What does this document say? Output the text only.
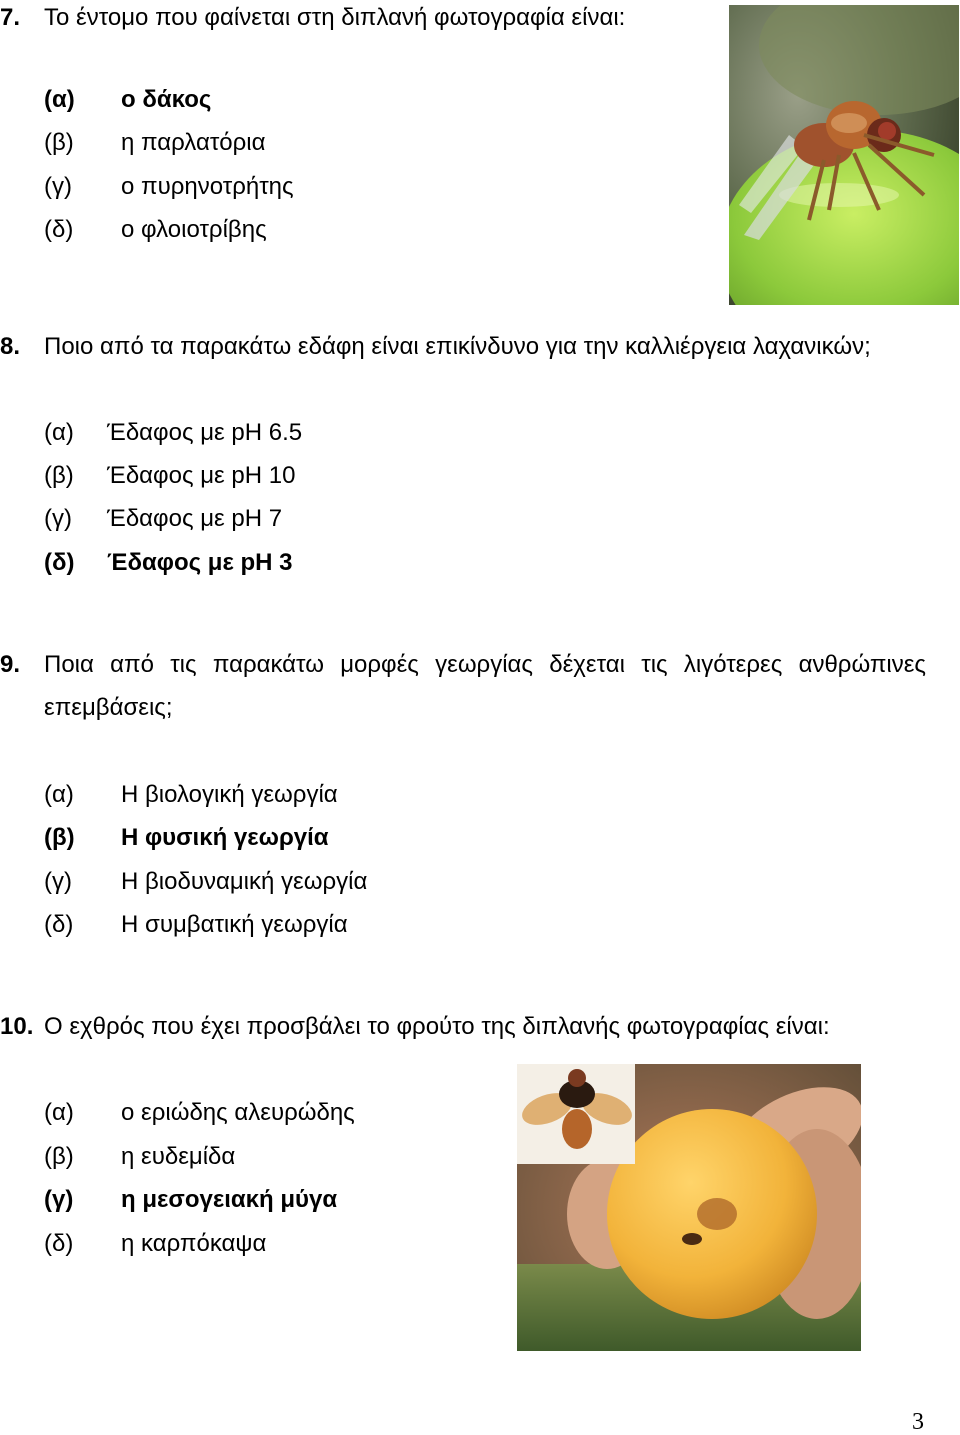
7. Το έντομο που φαίνεται στη διπλανή φωτογραφία είναι:
(α) ο δάκος
(β) η παρλατόρια
(γ) ο πυρηνοτρήτης
(δ) ο φλοιοτρίβης
8. Ποιο από τα παρακάτω εδάφη είναι επικίνδυνο για την καλλιέργεια λαχανικών;
(α) Έδαφος με pH 6.5
(β) Έδαφος με pH 10
(γ) Έδαφος με pH 7
(δ) Έδαφος με pH 3
9. Ποια από τις παρακάτω μορφές γεωργίας δέχεται τις λιγότερες ανθρώπινες
επεμβάσεις;
(α) Η βιολογική γεωργία
(β) Η φυσική γεωργία
(γ) Η βιοδυναμική γεωργία
(δ) Η συμβατική γεωργία
10. Ο εχθρός που έχει προσβάλει το φρούτο της διπλανής φωτογραφίας είναι:
(α) ο εριώδης αλευρώδης
(β) η ευδεμίδα
(γ) η μεσογειακή μύγα
(δ) η καρπόκαψα
3
